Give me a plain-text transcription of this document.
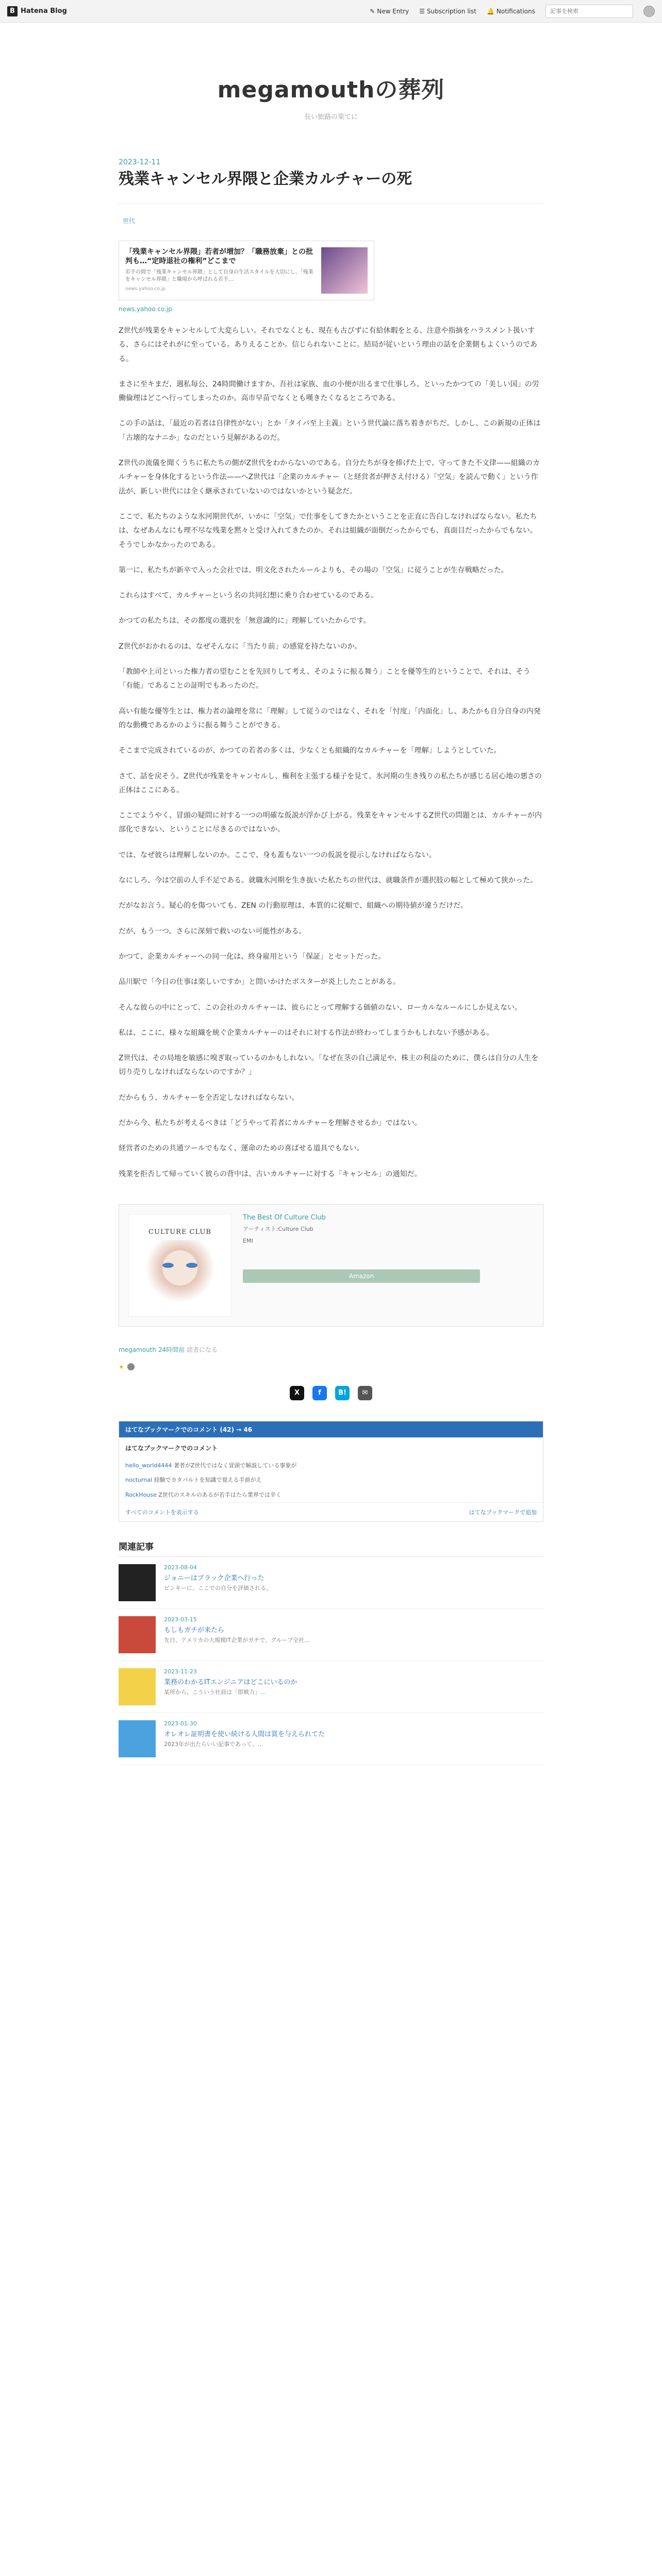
B Hatena Blog	✎ New Entry ☰ Subscription list 🔔 Notifications
記事を検索
megamouthの葬列

長い旅路の果てに

2023-12-11
残業キャンセル界隈と企業カルチャーの死
世代
「残業キャンセル界隈」若者が増加？「職務放棄」との批判も…“定時退社の権利”どこまで
若手の間で「残業キャンセル界隈」として自身の生活スタイルを大切にし、「残業をキャンセル界隈」と職場から呼ばれる若手…
news.yahoo.co.jp
news.yahoo.co.jp

Z世代が残業をキャンセルして大変らしい。それでなくとも、現在も古びずに有給休暇をとる、注意や指摘をハラスメント扱いする、さらにはそれがに至っている。ありえることか。信じられないことに。結局が従いという理由の話を企業側もよくいうのである。

まさに至キまだ、週私毎公、24時間働けますか、吾社は家族、血の小便が出るまで仕事しろ、といったかつての「美しい国」の労働倫理はどこへ行ってしまったのか。高市早苗でなくとも嘆きたくなるところである。

この手の話は、「最近の若者は自律性がない」とか「タイパ至上主義」という世代論に落ち着きがちだ。しかし、この新規の正体は「古壊的なナニか」なのだという見解があるのだ。

Z世代の流儀を聞くうちに私たちの側がZ世代をわからないのである。自分たちが身を捧げた上で、守ってきた不文律——組織のカルチャーを身体化するという作法——へZ世代は「企業のカルチャー（と経営者が押さえ付ける）「空気」を読んで動く」という作法が、新しい世代には全く継承されていないのではないかという疑念だ。

ここで、私たちのような氷河期世代が、いかに「空気」で仕事をしてきたかということを正直に告白しなければならない。私たちは、なぜあんなにも理不尽な残業を黙々と受け入れてきたのか。それは組織が面倒だったからでも、真面目だったからでもない。そうでしかなかったのである。

第一に、私たちが新卒で入った会社では、明文化されたルールよりも、その場の「空気」に従うことが生存戦略だった。

これらはすべて、カルチャーという名の共同幻想に乗り合わせているのである。

かつての私たちは、その都度の選択を「無意識的に」理解していたからです。

Z世代がおかれるのは、なぜそんなに「当たり前」の感覚を持たないのか。

「教師や上司といった権力者の望むことを先回りして考え、そのように振る舞う」ことを優等生的ということで、それは、そう「有能」であることの証明でもあったのだ。

高い有能な優等生とは、権力者の論理を常に「理解」して従うのではなく、それを「忖度」「内面化」し、あたかも自分自身の内発的な動機であるかのように振る舞うことができる。

そこまで完成されているのが、かつての若者の多くは、少なくとも組織的なカルチャーを「理解」しようとしていた。

さて、話を戻そう。Z世代が残業をキャンセルし、権利を主張する様子を見て、氷河期の生き残りの私たちが感じる居心地の悪さの正体はここにある。

ここでようやく、冒頭の疑問に対する一つの明確な仮説が浮かび上がる。残業をキャンセルするZ世代の問題とは、カルチャーが内部化できない、ということに尽きるのではないか。

では、なぜ彼らは理解しないのか。ここで、身も蓋もない一つの仮説を提示しなければならない。

なにしろ、今は空前の人手不足である。就職氷河期を生き抜いた私たちの世代は、就職条件が選択肢の幅として極めて狭かった。

だがなお言う。疑心的を傷ついても、ZEN の行動原理は、本質的に従順で、組織への期待値が違うだけだ。

だが、もう一つ。さらに深刻で救いのない可能性がある。

かつて、企業カルチャーへの同一化は、終身雇用という「保証」とセットだった。

品川駅で「今日の仕事は楽しいですか」と問いかけたポスターが炎上したことがある。

そんな彼らの中にとって、この会社のカルチャーは、彼らにとって理解する価値のない、ローカルなルールにしか見えない。

私は、ここに、様々な組織を統ぐ企業カルチャーのはそれに対する作法が終わってしまうかもしれない予感がある。

Z世代は、その局地を敏感に嗅ぎ取っているのかもしれない。「なぜ在茎の自己満足や、株主の利益のために、僕らは自分の人生を切り売りしなければならないのですか？」

だからもう、カルチャーを全否定しなければならない。

だから今、私たちが考えるべきは「どうやって若者にカルチャーを理解させるか」ではない。

経営者のための共通ツールでもなく、運命のための喜ばせる道具でもない。

残業を拒否して帰っていく彼らの背中は、古いカルチャーに対する「キャンセル」の通知だ。

CULTURE CLUB
The Best Of Culture Club
アーティスト:Culture Club
EMI
Amazon
megamouth 24時間前 読者になる
★
X	f	B!	✉
はてなブックマークでのコメント (42) → 46
はてなブックマークでのコメント
hello_world4444 著者がZ世代ではなく冒頭で解説している事象が
nocturnal 経験でカタパルトを知識で覚える手前がえ
RockHouse Z世代のスキルのあるが若手はたら業界では辛く
すべてのコメントを表示する	はてなブックマークで追加
関連記事
2023-08-04
ジョニーはブラック企業へ行った
ピンキーに、ここでの自分を評価される。
2023-03-15
もしもガチが来たら
先日、アメリカの大規模IT企業がガチで、グループ全社…
2023-11-23
業務のわかるITエンジニアはどこにいるのか
某所から、こういう社員は「即戦力」…
2023-01-30
オレオレ証明書を使い続ける人間は賞を与えられてた
2023年が出たらいい記事であって、…
